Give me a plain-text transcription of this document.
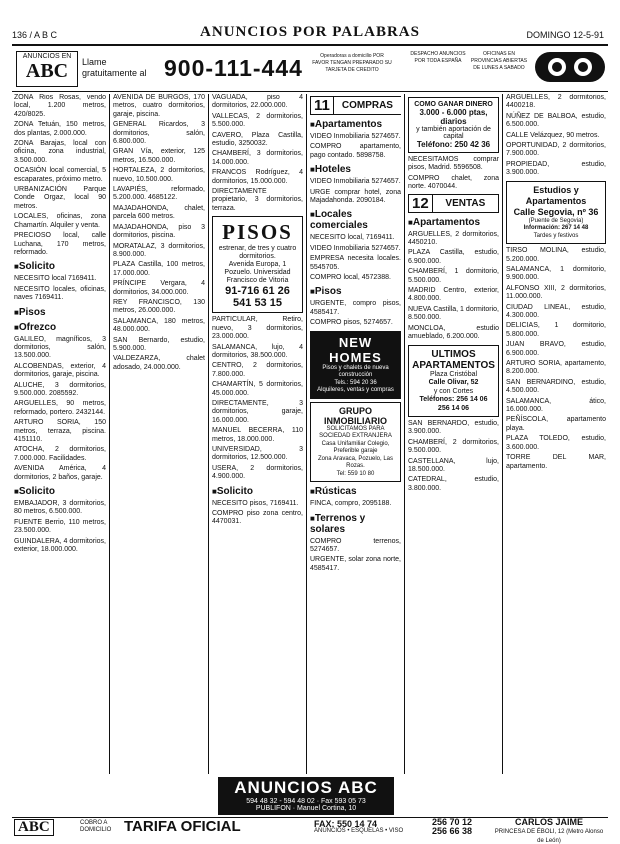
136 / A B C	ANUNCIOS POR PALABRAS	DOMINGO 12-5-91
ANUNCIOS EN
ABC	Llame
gratuitamente al 900-111-444	Operadoras a domicilio POR FAVOR TENGAN PREPARADO SU TARJETA DE CREDITO
DESPACHO ANUNCIOS POR TODA ESPAÑA
OFICINAS EN PROVINCIAS ABIERTAS DE LUNES A SABADO

ZONA Rios Rosas, vendo local, 1.200 metros, 420/8025.

ZONA Tetuán, 150 metros, dos plantas, 2.000.000.

ZONA Barajas, local con oficina, zona industrial, 3.500.000.

OCASIÓN local comercial, 5 escaparates, próximo metro.

URBANIZACIÓN Parque Conde Orgaz, local 90 metros.

LOCALES, oficinas, zona Chamartín. Alquiler y venta.

PRECIOSO local, calle Luchana, 170 metros, reformado.

■ Solicito

NECESITO local 7169411.

NECESITO locales, oficinas, naves 7169411.

■ Pisos
■ Ofrezco

GALILEO, magníficos, 3 dormitorios, salón, 13.500.000.

ALCOBENDAS, exterior, 4 dormitorios, garaje, piscina.

ALUCHE, 3 dormitorios, 9.500.000. 2085592.

ARGUELLES, 90 metros, reformado, portero. 2432144.

ARTURO SORIA, 150 metros, terraza, piscina. 4151110.

ATOCHA, 2 dormitorios, 7.000.000. Facilidades.

AVENIDA América, 4 dormitorios, 2 baños, garaje.

■ Solicito

EMBAJADOR, 3 dormitorios, 80 metros, 6.500.000.

FUENTE Berrio, 110 metros, 23.500.000.

GUINDALERA, 4 dormitorios, exterior, 18.000.000.

AVENIDA DE BURGOS, 170 metros, cuatro dormitorios, garaje, piscina.

GENERAL Ricardos, 3 dormitorios, salón, 6.800.000.

GRAN Vía, exterior, 125 metros, 16.500.000.

HORTALEZA, 2 dormitorios, nuevo, 10.500.000.

LAVAPIÉS, reformado, 5.200.000. 4685122.

MAJADAHONDA, chalet, parcela 600 metros.

MAJADAHONDA, piso 3 dormitorios, piscina.

MORATALAZ, 3 dormitorios, 8.900.000.

PLAZA Castilla, 100 metros, 17.000.000.

PRÍNCIPE Vergara, 4 dormitorios, 34.000.000.

REY FRANCISCO, 130 metros, 26.000.000.

SALAMANCA, 180 metros, 48.000.000.

SAN Bernardo, estudio, 5.900.000.

VALDEZARZA, chalet adosado, 24.000.000.

VAGUADA, piso 4 dormitorios, 22.000.000.

VALLECAS, 2 dormitorios, 5.500.000.

CAVERO, Plaza Castilla, estudio, 3250032.

CHAMBERÍ, 3 dormitorios, 14.000.000.

FRANCOS Rodríguez, 4 dormitorios, 15.000.000.

DIRECTAMENTE propietario, 3 dormitorios, terraza.

PISOS
estrenar, de tres y cuatro dormitorios.
Avenida Europa, 1
Pozuelo. Universidad Francisco de Vitoria
91-716 61 26
541 53 15

PARTICULAR, Retiro, nuevo, 3 dormitorios, 23.000.000.

SALAMANCA, lujo, 4 dormitorios, 38.500.000.

CENTRO, 2 dormitorios, 7.800.000.

CHAMARTÍN, 5 dormitorios, 45.000.000.

DIRECTAMENTE, 3 dormitorios, garaje, 16.000.000.

MANUEL BECERRA, 110 metros, 18.000.000.

UNIVERSIDAD, 3 dormitorios, 12.500.000.

USERA, 2 dormitorios, 4.900.000.

■ Solicito

NECESITO pisos, 7169411.

COMPRO piso zona centro, 4470031.

11	COMPRAS
■ Apartamentos

VIDEO Inmobiliaria 5274657.

COMPRO apartamento, pago contado. 5898758.

■ Hoteles

VIDEO Inmobiliaria 5274657.

URGE comprar hotel, zona Majadahonda. 2090184.

■ Locales comerciales

NECESITO local, 7169411.

VIDEO Inmobiliaria 5274657.

EMPRESA necesita locales. 5545705.

COMPRO local, 4572388.

■ Pisos

URGENTE, compro pisos, 4585417.

COMPRO pisos, 5274657.

NEW HOMES
Pisos y chalets de nueva construcción
Tels.: 594 20 36
Alquileres, ventas y compras
GRUPO INMOBILIARIO
SOLICITAMOS PARA SOCIEDAD EXTRANJERA
Casa Unifamiliar Colegio, Preferible garaje
Zona Aravaca, Pozuelo, Las Rozas.
Tel: 559 10 80
■ Rústicas

FINCA, compro, 2095188.

■ Terrenos y solares

COMPRO terrenos, 5274657.

URGENTE, solar zona norte, 4585417.

COMO GANAR DINERO
3.000 - 6.000 ptas, diarios
y también aportación de capital
Teléfono: 250 42 36

NECESITAMOS comprar pisos, Madrid. 5596508.

COMPRO chalet, zona norte. 4070044.

12	VENTAS
■ Apartamentos

ARGUELLES, 2 dormitorios, 4450210.

PLAZA Castilla, estudio, 6.900.000.

CHAMBERÍ, 1 dormitorio, 5.500.000.

MADRID Centro, exterior, 4.800.000.

NUEVA Castilla, 1 dormitorio, 8.500.000.

MONCLOA, estudio amueblado, 6.200.000.

ULTIMOS
APARTAMENTOS
Plaza Cristóbal
Calle Olivar, 52
y con Cortes
Teléfonos: 256 14 06
256 14 06

SAN BERNARDO, estudio, 3.900.000.

CHAMBERÍ, 2 dormitorios, 9.500.000.

CASTELLANA, lujo, 18.500.000.

CATEDRAL, estudio, 3.800.000.

ARGUELLES, 2 dormitorios, 4400218.

NÚÑEZ DE BALBOA, estudio, 6.500.000.

CALLE Velázquez, 90 metros.

OPORTUNIDAD, 2 dormitorios, 7.900.000.

PROPIEDAD, estudio, 3.900.000.

Estudios y Apartamentos
Calle Segovia, nº 36
(Puente de Segovia)
Información: 267 14 48
Tardes y festivos

TIRSO MOLINA, estudio, 5.200.000.

SALAMANCA, 1 dormitorio, 9.900.000.

ALFONSO XIII, 2 dormitorios, 11.000.000.

CIUDAD LINEAL, estudio, 4.300.000.

DELICIAS, 1 dormitorio, 5.800.000.

JUAN BRAVO, estudio, 6.900.000.

ARTURO SORIA, apartamento, 8.200.000.

SAN BERNARDINO, estudio, 4.500.000.

SALAMANCA, ático, 16.000.000.

PEÑÍSCOLA, apartamento playa.

PLAZA TOLEDO, estudio, 3.600.000.

TORRE DEL MAR, apartamento.

ANUNCIOS ABC
594 48 32 - 594 48 02 · Fax 593 05 73
PUBLIFON · Manuel Cortina, 10
ABC	COBRO A
DOMICILIO TARIFA OFICIAL	FAX: 550 14 74
ANUNCIOS • ESQUELAS • VISO
256 70 12
256 66 38
CARLOS JAIME
PRINCESA DE ÉBOLI, 12 (Metro Alonso de León)
